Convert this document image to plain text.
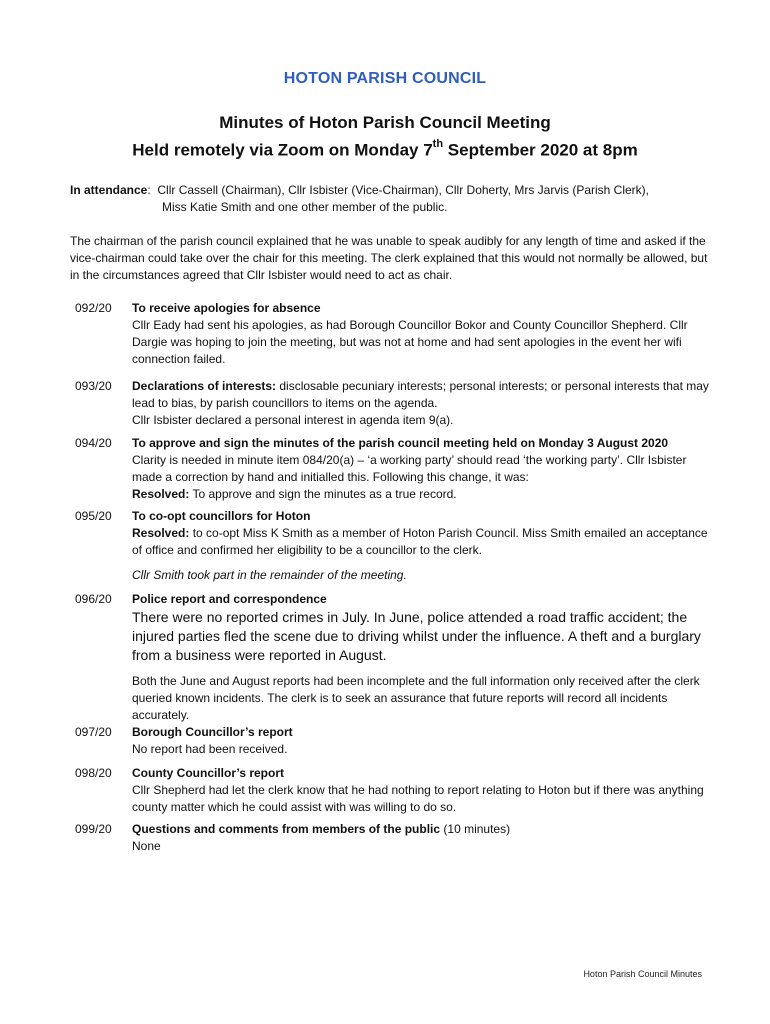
HOTON PARISH COUNCIL
Minutes of Hoton Parish Council Meeting
Held remotely via Zoom on Monday 7th September 2020 at 8pm
In attendance:  Cllr Cassell (Chairman), Cllr Isbister (Vice-Chairman), Cllr Doherty, Mrs Jarvis (Parish Clerk),
Miss Katie Smith and one other member of the public.
The chairman of the parish council explained that he was unable to speak audibly for any length of time and asked if the vice-chairman could take over the chair for this meeting. The clerk explained that this would not normally be allowed, but in the circumstances agreed that Cllr Isbister would need to act as chair.
092/20	To receive apologies for absence
Cllr Eady had sent his apologies, as had Borough Councillor Bokor and County Councillor Shepherd. Cllr Dargie was hoping to join the meeting, but was not at home and had sent apologies in the event her wifi connection failed.
093/20	Declarations of interests: disclosable pecuniary interests; personal interests; or personal interests that may lead to bias, by parish councillors to items on the agenda.
Cllr Isbister declared a personal interest in agenda item 9(a).
094/20	To approve and sign the minutes of the parish council meeting held on Monday 3 August 2020
Clarity is needed in minute item 084/20(a) – ‘a working party’ should read ‘the working party’. Cllr Isbister made a correction by hand and initialled this. Following this change, it was:
Resolved: To approve and sign the minutes as a true record.
095/20	To co-opt councillors for Hoton
Resolved: to co-opt Miss K Smith as a member of Hoton Parish Council. Miss Smith emailed an acceptance of office and confirmed her eligibility to be a councillor to the clerk.
Cllr Smith took part in the remainder of the meeting.
096/20	Police report and correspondence
There were no reported crimes in July. In June, police attended a road traffic accident; the injured parties fled the scene due to driving whilst under the influence. A theft and a burglary from a business were reported in August.
Both the June and August reports had been incomplete and the full information only received after the clerk queried known incidents. The clerk is to seek an assurance that future reports will record all incidents accurately.
097/20	Borough Councillor’s report
No report had been received.
098/20	County Councillor’s report
Cllr Shepherd had let the clerk know that he had nothing to report relating to Hoton but if there was anything county matter which he could assist with was willing to do so.
099/20	Questions and comments from members of the public (10 minutes)
None
Hoton Parish Council Minutes
